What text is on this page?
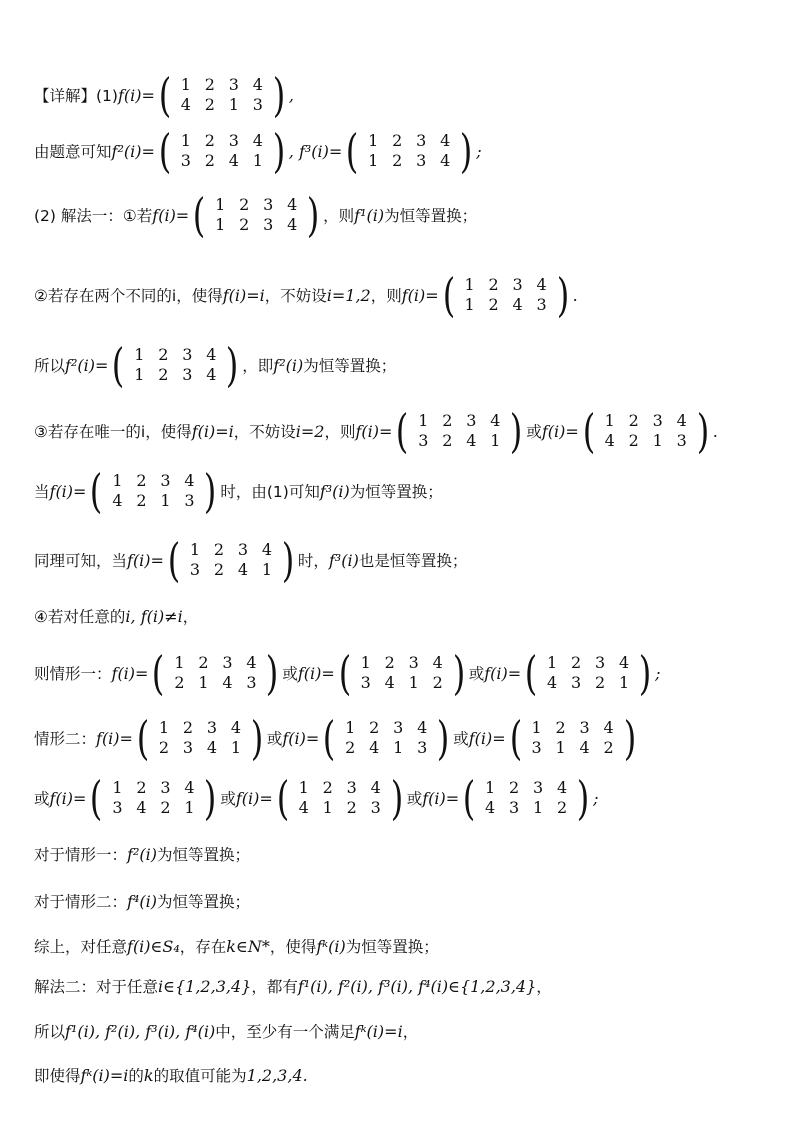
【详解】(1) f(i)= ( 1 2 3 4
4 2 1 3 ) ,
由题意可知 f²(i)= ( 1 2 3 4
3 2 4 1 ) , f³(i)= ( 1 2 3 4
1 2 3 4 ) ;
(2) 解法一：①若 f(i)= ( 1 2 3 4
1 2 3 4 ) ，则 f¹(i) 为恒等置换；
②若存在两个不同的i，使得 f(i)=i ，不妨设 i=1,2 ，则 f(i)= ( 1 2 3 4
1 2 4 3 ) .
所以 f²(i)= ( 1 2 3 4
1 2 3 4 ) ，即 f²(i) 为恒等置换；
③若存在唯一的i，使得 f(i)=i ，不妨设 i=2 ，则 f(i)= ( 1 2 3 4
3 2 4 1 ) 或 f(i)= ( 1 2 3 4
4 2 1 3 ) .
当 f(i)= ( 1 2 3 4
4 2 1 3 ) 时，由(1)可知 f³(i) 为恒等置换；
同理可知，当 f(i)= ( 1 2 3 4
3 2 4 1 ) 时， f³(i) 也是恒等置换；
④若对任意的 i, f(i)≠i ，
则情形一： f(i)= ( 1 2 3 4
2 1 4 3 ) 或 f(i)= ( 1 2 3 4
3 4 1 2 ) 或 f(i)= ( 1 2 3 4
4 3 2 1 ) ;
情形二： f(i)= ( 1 2 3 4
2 3 4 1 ) 或 f(i)= ( 1 2 3 4
2 4 1 3 ) 或 f(i)= ( 1 2 3 4
3 1 4 2 )
或 f(i)= ( 1 2 3 4
3 4 2 1 ) 或 f(i)= ( 1 2 3 4
4 1 2 3 ) 或 f(i)= ( 1 2 3 4
4 3 1 2 ) ;
对于情形一： f²(i) 为恒等置换；
对于情形二： f⁴(i) 为恒等置换；
综上，对任意 f(i)∈S₄ ，存在 k∈N* ，使得 fᵏ(i) 为恒等置换；
解法二：对于任意 i∈{1,2,3,4} ，都有 f¹(i), f²(i), f³(i), f⁴(i)∈{1,2,3,4} ，
所以 f¹(i), f²(i), f³(i), f⁴(i) 中，至少有一个满足 fᵏ(i)=i ，
即使得 fᵏ(i)=i 的 k 的取值可能为 1,2,3,4 .
